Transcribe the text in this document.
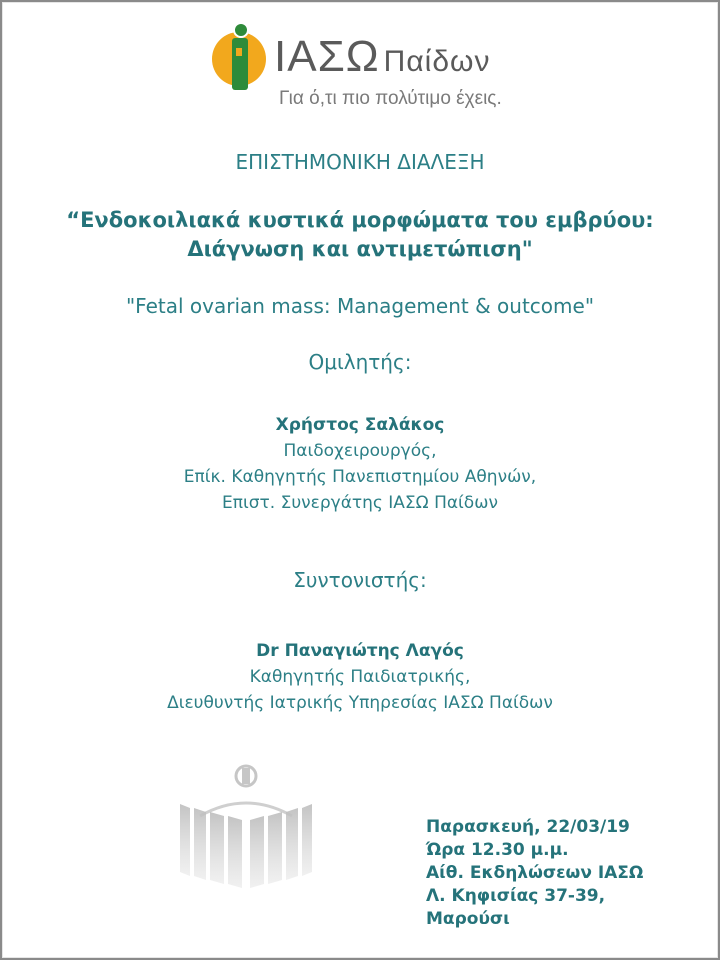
ΙΑΣΩ Παίδων
Για ό,τι πιο πολύτιμο έχεις.
ΕΠΙΣΤΗΜΟΝΙΚΗ ΔΙΑΛΕΞΗ
“Ενδοκοιλιακά κυστικά μορφώματα του εμβρύου:
Διάγνωση και αντιμετώπιση"
"Fetal ovarian mass: Management & outcome"
Ομιλητής:
Χρήστος Σαλάκος
Παιδοχειρουργός,
Επίκ. Καθηγητής Πανεπιστημίου Αθηνών,
Επιστ. Συνεργάτης ΙΑΣΩ Παίδων
Συντονιστής:
Dr Παναγιώτης Λαγός
Καθηγητής Παιδιατρικής,
Διευθυντής Ιατρικής Υπηρεσίας ΙΑΣΩ Παίδων
Παρασκευή, 22/03/19
Ώρα 12.30 μ.μ.
Αίθ. Εκδηλώσεων ΙΑΣΩ
Λ. Κηφισίας 37-39,
Μαρούσι
